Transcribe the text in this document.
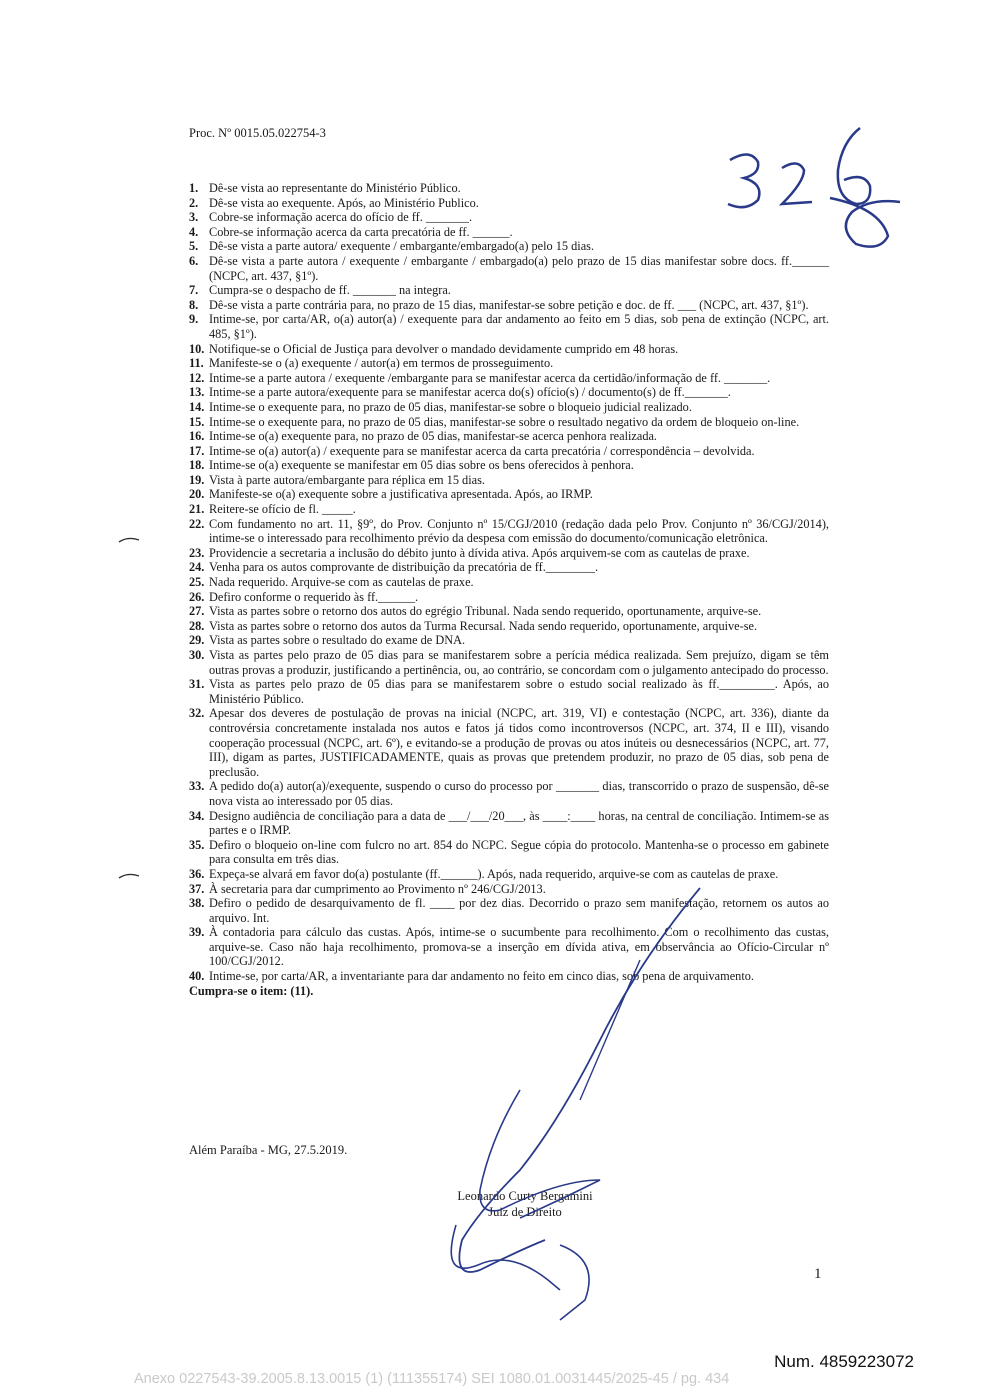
Proc. Nº 0015.05.022754-3
1. Dê-se vista ao representante do Ministério Público.
2. Dê-se vista ao exequente. Após, ao Ministério Publico.
3. Cobre-se informação acerca do ofício de ff. _______.
4. Cobre-se informação acerca da carta precatória de ff. ______.
5. Dê-se vista a parte autora/ exequente / embargante/embargado(a) pelo 15 dias.
6. Dê-se vista a parte autora / exequente / embargante / embargado(a) pelo prazo de 15 dias manifestar sobre docs. ff.______ (NCPC, art. 437, §1º).
7. Cumpra-se o despacho de ff. _______ na integra.
8. Dê-se vista a parte contrária para, no prazo de 15 dias, manifestar-se sobre petição e doc. de ff. ___ (NCPC, art. 437, §1º).
9. Intime-se, por carta/AR, o(a) autor(a) / exequente para dar andamento ao feito em 5 dias, sob pena de extinção (NCPC, art. 485, §1º).
10. Notifique-se o Oficial de Justiça para devolver o mandado devidamente cumprido em 48 horas.
11. Manifeste-se o (a) exequente / autor(a) em termos de prosseguimento.
12. Intime-se a parte autora / exequente /embargante para se manifestar acerca da certidão/informação de ff. _______.
13. Intime-se a parte autora/exequente para se manifestar acerca do(s) ofício(s) / documento(s) de ff._______.
14. Intime-se o exequente para, no prazo de 05 dias, manifestar-se sobre o bloqueio judicial realizado.
15. Intime-se o exequente para, no prazo de 05 dias, manifestar-se sobre o resultado negativo da ordem de bloqueio on-line.
16. Intime-se o(a) exequente para, no prazo de 05 dias, manifestar-se acerca penhora realizada.
17. Intime-se o(a) autor(a) / exequente para se manifestar acerca da carta precatória / correspondência – devolvida.
18. Intime-se o(a) exequente se manifestar em 05 dias sobre os bens oferecidos à penhora.
19. Vista à parte autora/embargante para réplica em 15 dias.
20. Manifeste-se o(a) exequente sobre a justificativa apresentada. Após, ao IRMP.
21. Reitere-se ofício de fl. _____.
22. Com fundamento no art. 11, §9º, do Prov. Conjunto nº 15/CGJ/2010 (redação dada pelo Prov. Conjunto nº 36/CGJ/2014), intime-se o interessado para recolhimento prévio da despesa com emissão do documento/comunicação eletrônica.
23. Providencie a secretaria a inclusão do débito junto à dívida ativa. Após arquivem-se com as cautelas de praxe.
24. Venha para os autos comprovante de distribuição da precatória de ff.________.
25. Nada requerido. Arquive-se com as cautelas de praxe.
26. Defiro conforme o requerido às ff.______.
27. Vista as partes sobre o retorno dos autos do egrégio Tribunal. Nada sendo requerido, oportunamente, arquive-se.
28. Vista as partes sobre o retorno dos autos da Turma Recursal. Nada sendo requerido, oportunamente, arquive-se.
29. Vista as partes sobre o resultado do exame de DNA.
30. Vista as partes pelo prazo de 05 dias para se manifestarem sobre a perícia médica realizada. Sem prejuízo, digam se têm outras provas a produzir, justificando a pertinência, ou, ao contrário, se concordam com o julgamento antecipado do processo.
31. Vista as partes pelo prazo de 05 dias para se manifestarem sobre o estudo social realizado às ff._________. Após, ao Ministério Público.
32. Apesar dos deveres de postulação de provas na inicial (NCPC, art. 319, VI) e contestação (NCPC, art. 336), diante da controvérsia concretamente instalada nos autos e fatos já tidos como incontroversos (NCPC, art. 374, II e III), visando cooperação processual (NCPC, art. 6º), e evitando-se a produção de provas ou atos inúteis ou desnecessários (NCPC, art. 77, III), digam as partes, JUSTIFICADAMENTE, quais as provas que pretendem produzir, no prazo de 05 dias, sob pena de preclusão.
33. A pedido do(a) autor(a)/exequente, suspendo o curso do processo por _______ dias, transcorrido o prazo de suspensão, dê-se nova vista ao interessado por 05 dias.
34. Designo audiência de conciliação para a data de ___/___/20___, às ____:____ horas, na central de conciliação. Intimem-se as partes e o IRMP.
35. Defiro o bloqueio on-line com fulcro no art. 854 do NCPC. Segue cópia do protocolo. Mantenha-se o processo em gabinete para consulta em três dias.
36. Expeça-se alvará em favor do(a) postulante (ff.______). Após, nada requerido, arquive-se com as cautelas de praxe.
37. À secretaria para dar cumprimento ao Provimento nº 246/CGJ/2013.
38. Defiro o pedido de desarquivamento de fl. ____ por dez dias. Decorrido o prazo sem manifestação, retornem os autos ao arquivo. Int.
39. À contadoria para cálculo das custas. Após, intime-se o sucumbente para recolhimento. Com o recolhimento das custas, arquive-se. Caso não haja recolhimento, promova-se a inserção em dívida ativa, em observância ao Ofício-Circular nº 100/CGJ/2012.
40. Intime-se, por carta/AR, a inventariante para dar andamento no feito em cinco dias, sob pena de arquivamento.
Cumpra-se o item: (11).
Além Paraíba - MG, 27.5.2019.
Leonardo Curty Bergamini
Juiz de Direito
1
Num. 4859223072
Anexo 0227543-39.2005.8.13.0015 (1) (111355174) SEI 1080.01.0031445/2025-45 / pg. 434
